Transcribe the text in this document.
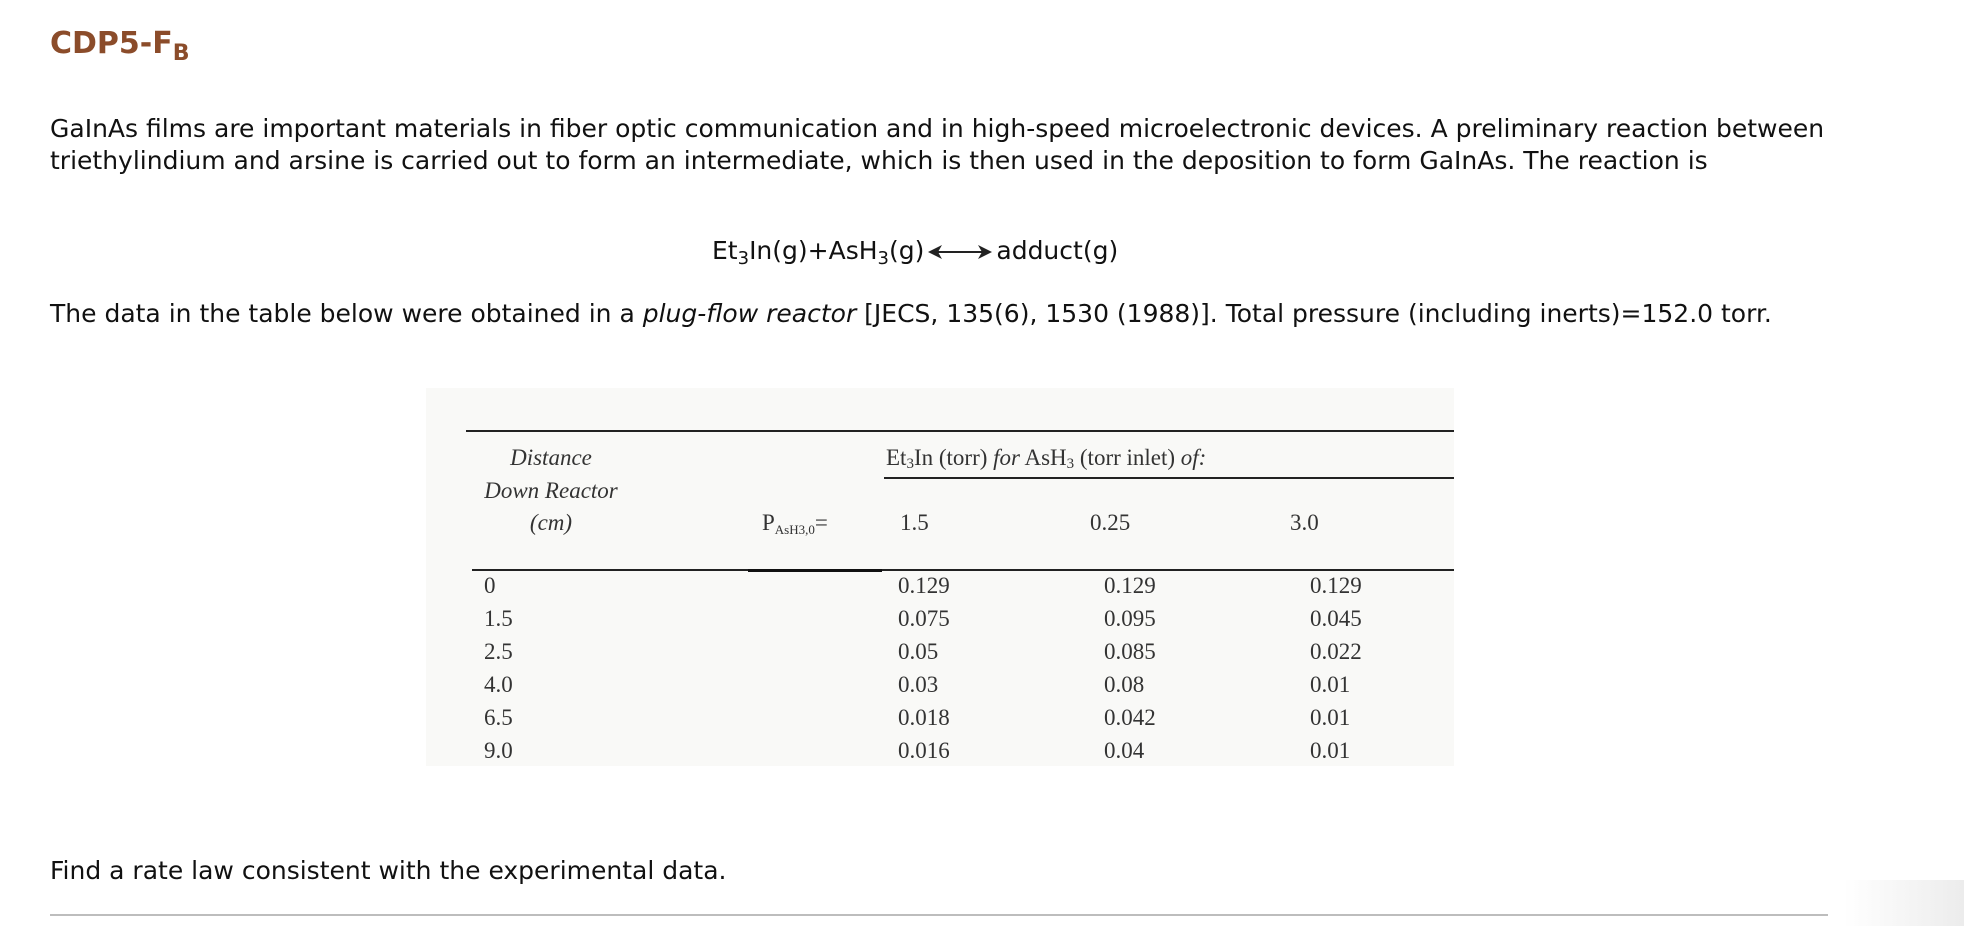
$CDP5-F_B$
GaInAs films are important materials in fiber optic communication and in high-speed microelectronic devices. A preliminary reaction between triethylindium and arsine is carried out to form an intermediate, which is then used in the deposition to form GaInAs. The reaction is
$Et_3In(g)+AsH_3(g)$	adduct(g)
The data in the table below were obtained in a plug-flow reactor [JECS, 135(6), 1530 (1988)]. Total pressure (including inerts)=152.0 torr.
Distance
Down Reactor
(cm)	PAsH3,0=
$Et_3In$ (torr) for AsH$_3$ (torr inlet) of:
1.5	0.25	3.0
0	0.129	0.129	0.129
1.5	0.075	0.095	0.045
2.5	0.05	0.085	0.022
4.0	0.03	0.08	0.01
6.5	0.018	0.042	0.01
9.0	0.016	0.04	0.01
Find a rate law consistent with the experimental data.
